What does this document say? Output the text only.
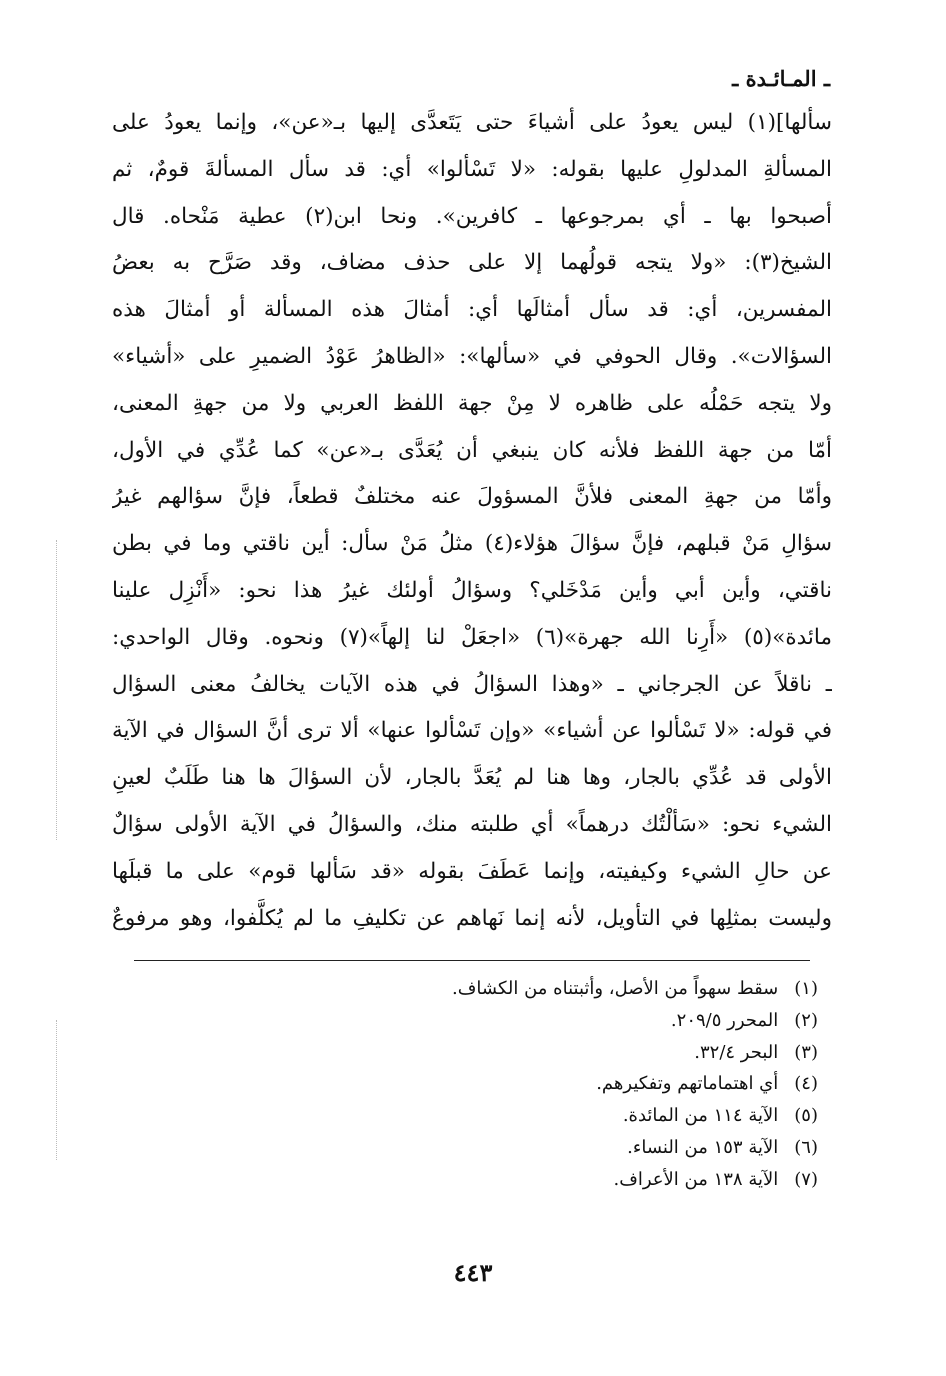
ـ المـائـدة ـ
سألها](١) ليس يعودُ على أشياءَ حتى يَتَعدَّى إليها بـ«عن»، وإنما يعودُ على
المسألةِ المدلولِ عليها بقوله: «لا تَسْألوا» أي: قد سأل المسألةَ قومٌ، ثم
أصبحوا بها ـ أي بمرجوعها ـ كافرين». ونحا ابن(٢) عطية مَنْحاه. قال
الشيخ(٣): «ولا يتجه قولُهما إلا على حذف مضاف، وقد صَرَّح به بعضُ
المفسرين، أي: قد سأل أمثالَها أي: أمثالَ هذه المسألة أو أمثالَ هذه
السؤالات». وقال الحوفي في «سألها»: «الظاهرُ عَوْدُ الضميرِ على «أشياء»
ولا يتجه حَمْلُه على ظاهره لا مِنْ جهة اللفظ العربي ولا من جهةِ المعنى،
أمّا من جهة اللفظ فلأنه كان ينبغي أن يُعَدَّى بـ«عن» كما عُدِّي في الأول،
وأمّا من جهةِ المعنى فلأنَّ المسؤولَ عنه مختلفٌ قطعاً، فإنَّ سؤالهم غيرُ
سؤالِ مَنْ قبلهم، فإنَّ سؤالَ هؤلاء(٤) مثلُ مَنْ سأل: أين ناقتي وما في بطن
ناقتي، وأين أبي وأين مَدْخَلي؟ وسؤالُ أولئك غيرُ هذا نحو: «أَنْزِل علينا
مائدة»(٥) «أَرِنا الله جهرة»(٦) «اجعَلْ لنا إلهاً»(٧) ونحوه. وقال الواحدي:
ـ ناقلاً عن الجرجاني ـ «وهذا السؤالُ في هذه الآيات يخالفُ معنى السؤال
في قوله: «لا تَسْألوا عن أشياء» «وإن تَسْألوا عنها» ألا ترى أنَّ السؤال في الآية
الأولى قد عُدِّي بالجار، وها هنا لم يُعَدَّ بالجار، لأن السؤالَ ها هنا طَلَبٌ لعينِ
الشيء نحو: «سَألْتُك درهماً» أي طلبته منك، والسؤالُ في الآية الأولى سؤالٌ
عن حالِ الشيء وكيفيته، وإنما عَطَفَ بقوله «قد سَألها قوم» على ما قبلَها
وليست بمثلِها في التأويل، لأنه إنما نَهاهم عن تكليفِ ما لم يُكلَّفوا، وهو مرفوعٌ
(١) سقط سهواً من الأصل، وأثبتناه من الكشاف.
(٢) المحرر ٢٠٩/٥.
(٣) البحر ٣٢/٤.
(٤) أي اهتماماتهم وتفكيرهم.
(٥) الآية ١١٤ من المائدة.
(٦) الآية ١٥٣ من النساء.
(٧) الآية ١٣٨ من الأعراف.
٤٤٣
